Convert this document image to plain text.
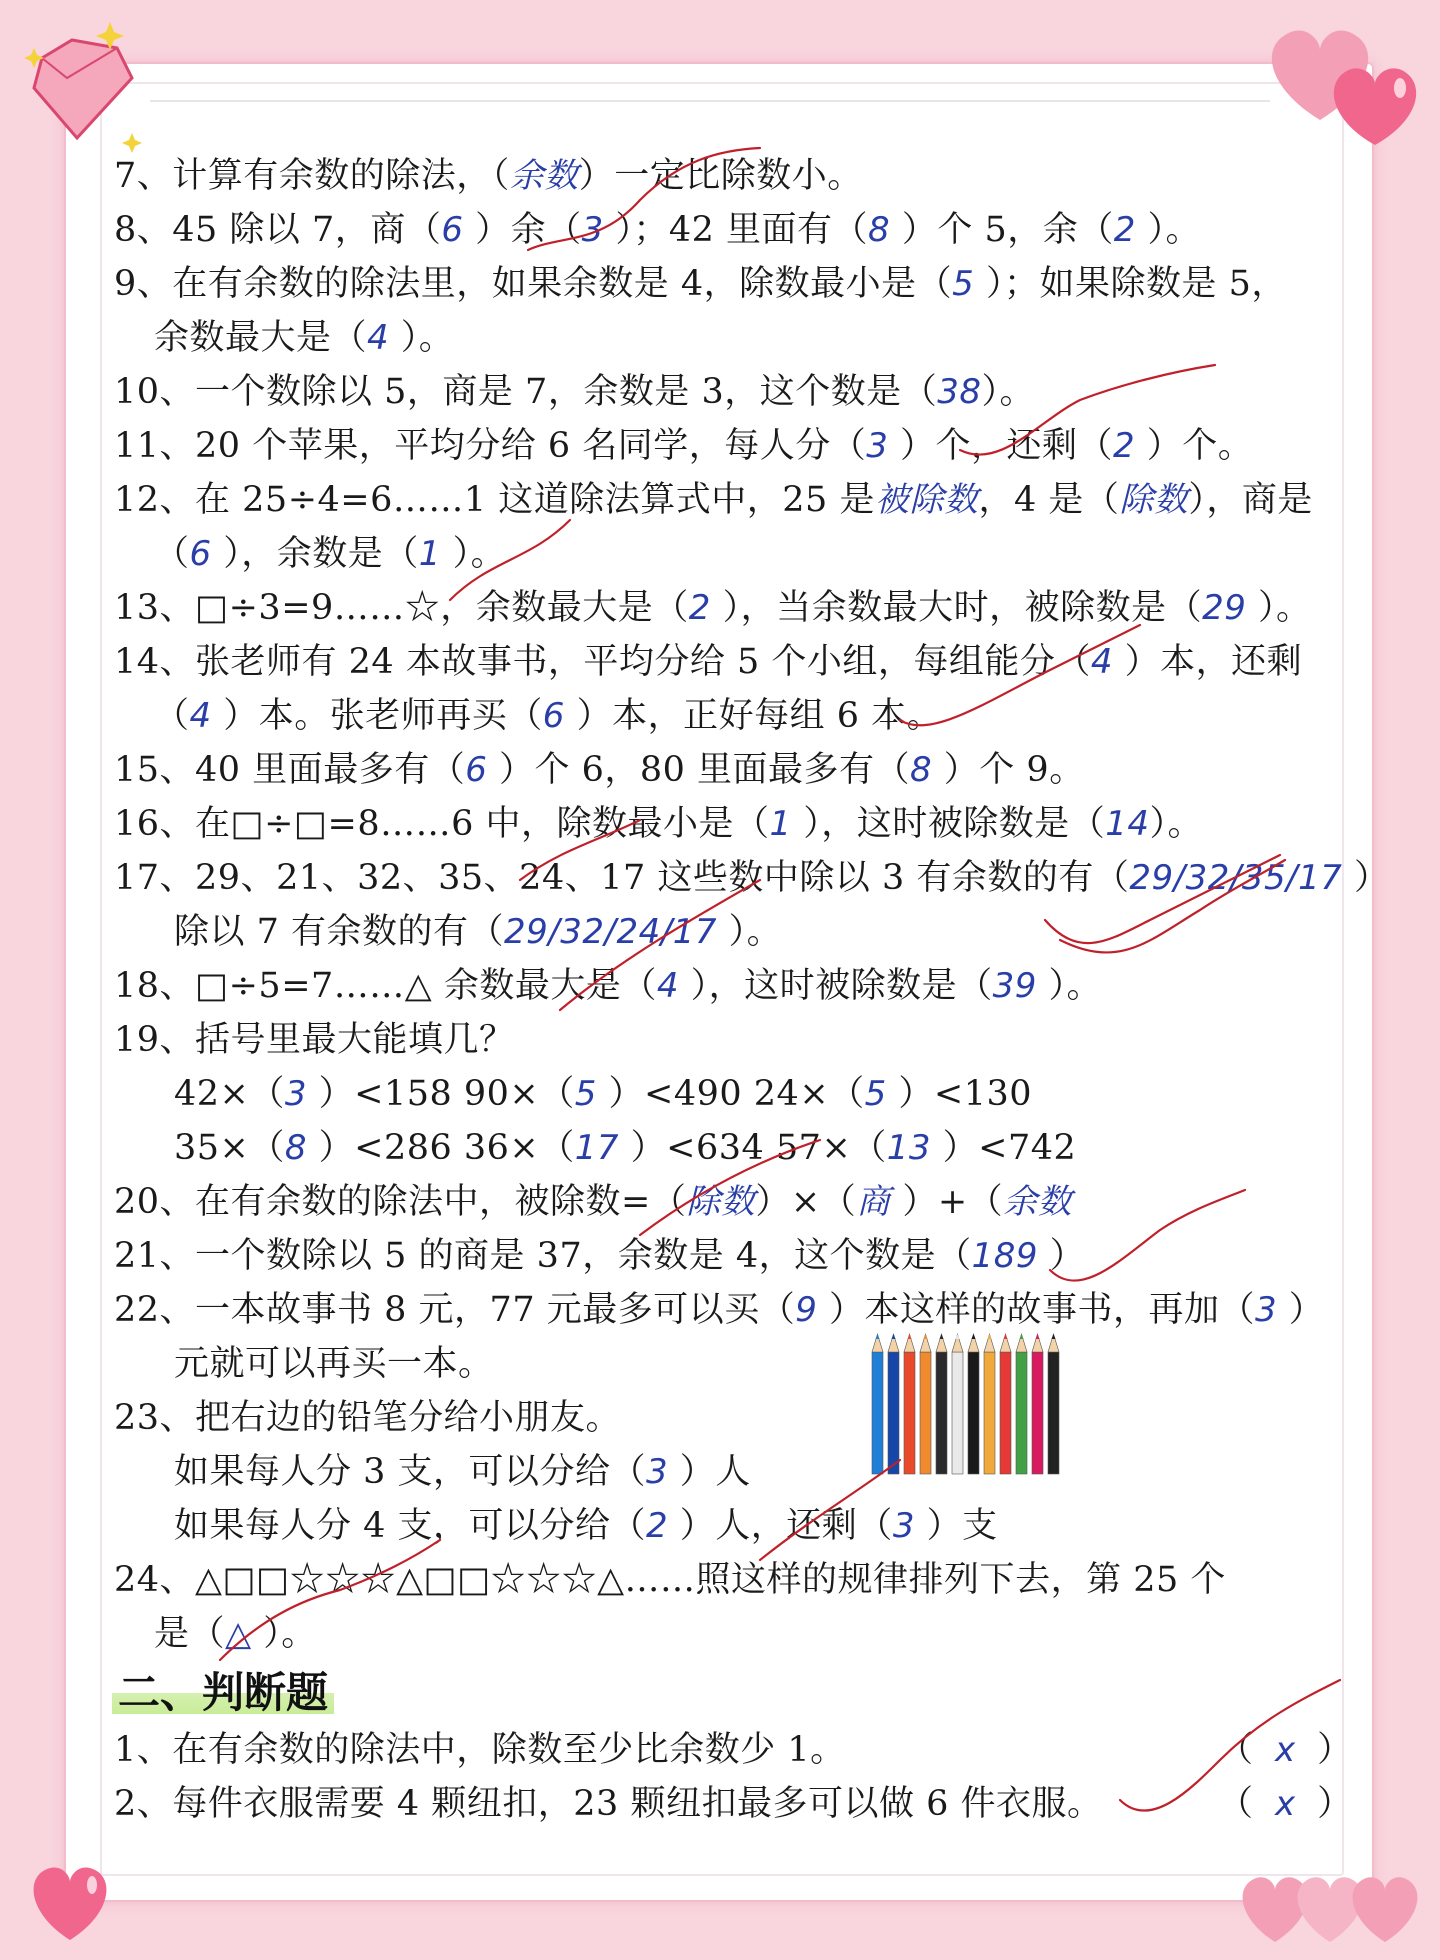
7、计算有余数的除法，（余数）一定比除数小。
8、45 除以 7，商（6 ）余（3 ）；42 里面有（8 ）个 5，余（2 ）。
9、在有余数的除法里，如果余数是 4，除数最小是（5 ）；如果除数是 5，
余数最大是（4 ）。
10、一个数除以 5，商是 7，余数是 3，这个数是（38）。
11、20 个苹果，平均分给 6 名同学，每人分（3 ）个，还剩（2 ）个。
12、在 25÷4=6……1 这道除法算式中，25 是被除数，4 是（除数），商是
（6 ），余数是（1 ）。
13、□÷3=9……☆，余数最大是（2 ），当余数最大时，被除数是（29 ）。
14、张老师有 24 本故事书，平均分给 5 个小组，每组能分（4 ）本，还剩
（4 ）本。张老师再买（6 ）本，正好每组 6 本。
15、40 里面最多有（6 ）个 6，80 里面最多有（8 ）个 9。
16、在□÷□=8……6 中，除数最小是（1 ），这时被除数是（14）。
17、29、21、32、35、24、17 这些数中除以 3 有余数的有（29/32/35/17 ）
除以 7 有余数的有（29/32/24/17 ）。
18、□÷5=7……△ 余数最大是（4 ），这时被除数是（39 ）。
19、括号里最大能填几？
42×（3 ）<158 90×（5 ）<490 24×（5 ）<130
35×（8 ）<286 36×（17 ）<634 57×（13 ）<742
20、在有余数的除法中，被除数=（除数）×（商 ）+（余数
21、一个数除以 5 的商是 37，余数是 4，这个数是（189 ）
22、一本故事书 8 元，77 元最多可以买（9 ）本这样的故事书，再加（3 ）
元就可以再买一本。
23、把右边的铅笔分给小朋友。
如果每人分 3 支，可以分给（3 ）人
如果每人分 4 支，可以分给（2 ）人，还剩（3 ）支
24、△□□☆☆☆△□□☆☆☆△……照这样的规律排列下去，第 25 个
是（△ ）。
二、判断题
1、在有余数的除法中，除数至少比余数少 1。	（ x ）
2、每件衣服需要 4 颗纽扣，23 颗纽扣最多可以做 6 件衣服。	（ x ）
